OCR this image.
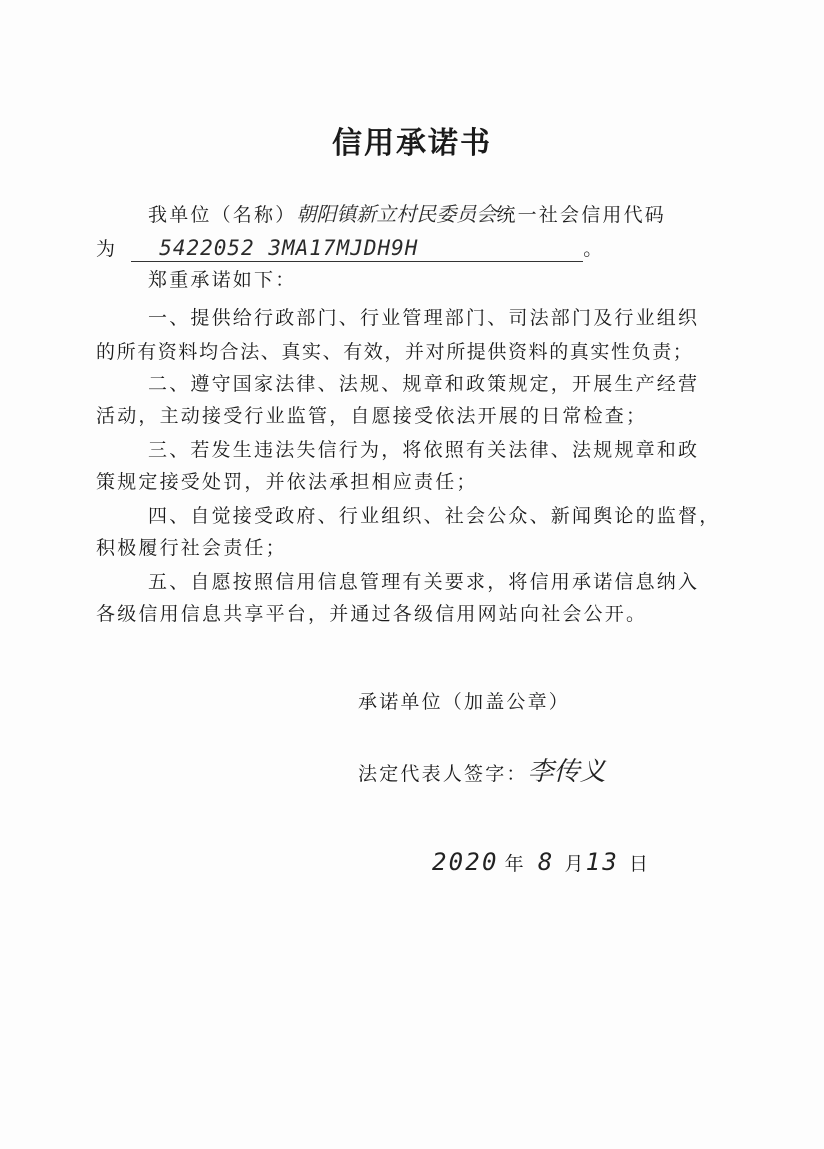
信用承诺书
我单位（名称）朝阳镇新立村民委员会统一社会信用代码
为 5422052 3MA17MJDH9H	。
郑重承诺如下：
一、提供给行政部门、行业管理部门、司法部门及行业组织
的所有资料均合法、真实、有效，并对所提供资料的真实性负责；
二、遵守国家法律、法规、规章和政策规定，开展生产经营
活动，主动接受行业监管，自愿接受依法开展的日常检查；
三、若发生违法失信行为，将依照有关法律、法规规章和政
策规定接受处罚，并依法承担相应责任；
四、自觉接受政府、行业组织、社会公众、新闻舆论的监督，
积极履行社会责任；
五、自愿按照信用信息管理有关要求，将信用承诺信息纳入
各级信用信息共享平台，并通过各级信用网站向社会公开。
承诺单位（加盖公章）
法定代表人签字：李传义
2020 年 8 月13 日
